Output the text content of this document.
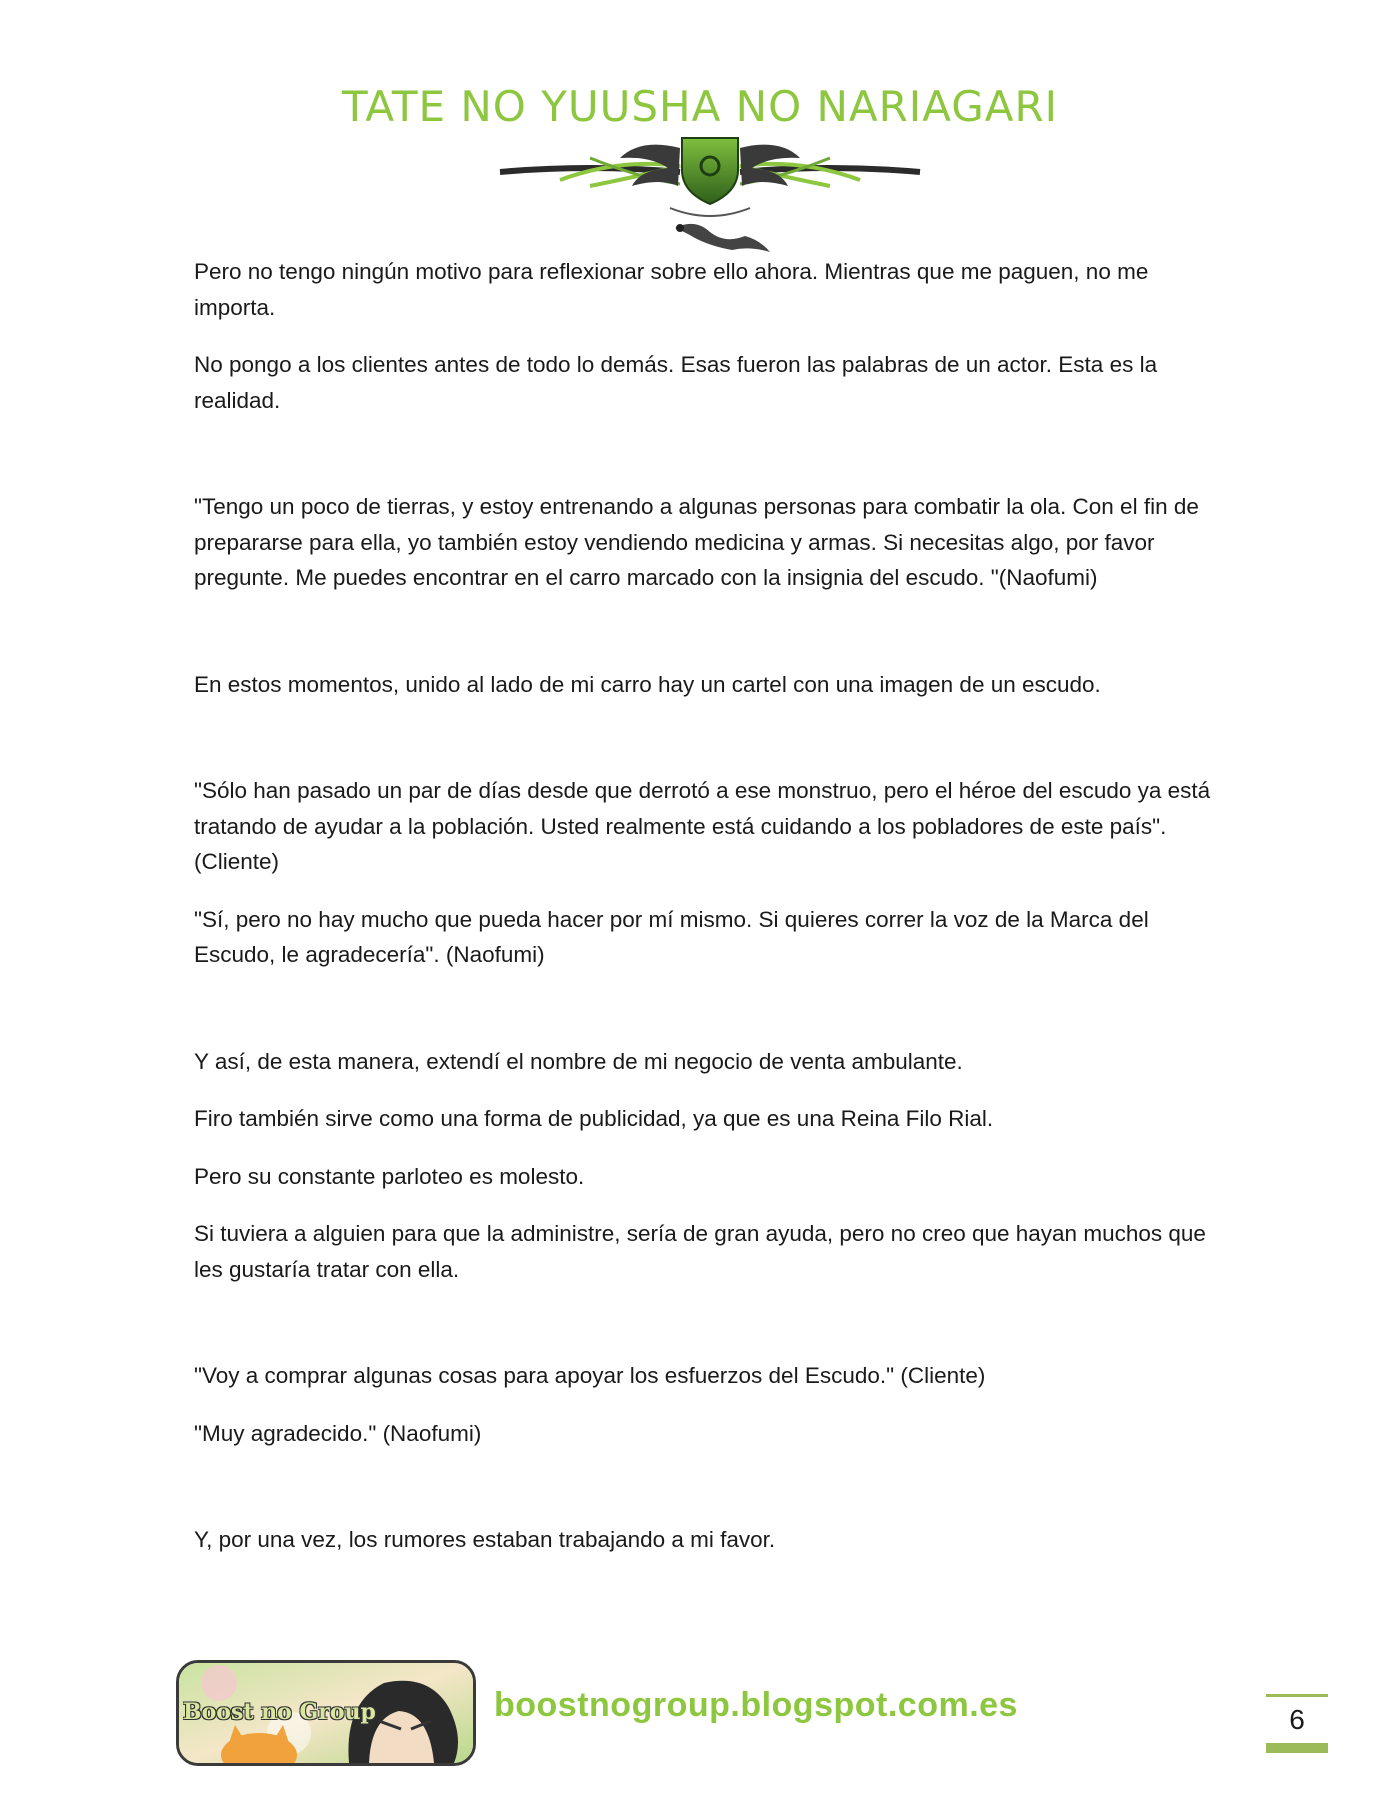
TATE NO YUUSHA NO NARIAGARI

Pero no tengo ningún motivo para reflexionar sobre ello ahora. Mientras que me paguen, no me importa.

No pongo a los clientes antes de todo lo demás. Esas fueron las palabras de un actor. Esta es la realidad.

"Tengo un poco de tierras, y estoy entrenando a algunas personas para combatir la ola. Con el fin de prepararse para ella, yo también estoy vendiendo medicina y armas. Si necesitas algo, por favor pregunte. Me puedes encontrar en el carro marcado con la insignia del escudo. "(Naofumi)

En estos momentos, unido al lado de mi carro hay un cartel con una imagen de un escudo.

"Sólo han pasado un par de días desde que derrotó a ese monstruo, pero el héroe del escudo ya está tratando de ayudar a la población. Usted realmente está cuidando a los pobladores de este país". (Cliente)

"Sí, pero no hay mucho que pueda hacer por mí mismo. Si quieres correr la voz de la Marca del Escudo, le agradecería". (Naofumi)

Y así, de esta manera, extendí el nombre de mi negocio de venta ambulante.

Firo también sirve como una forma de publicidad, ya que es una Reina Filo Rial.

Pero su constante parloteo es molesto.

Si tuviera a alguien para que la administre, sería de gran ayuda, pero no creo que hayan muchos que les gustaría tratar con ella.

"Voy a comprar algunas cosas para apoyar los esfuerzos del Escudo." (Cliente)

"Muy agradecido." (Naofumi)

Y, por una vez, los rumores estaban trabajando a mi favor.

Boost no Group	boostnogroup.blogspot.com.es	6
